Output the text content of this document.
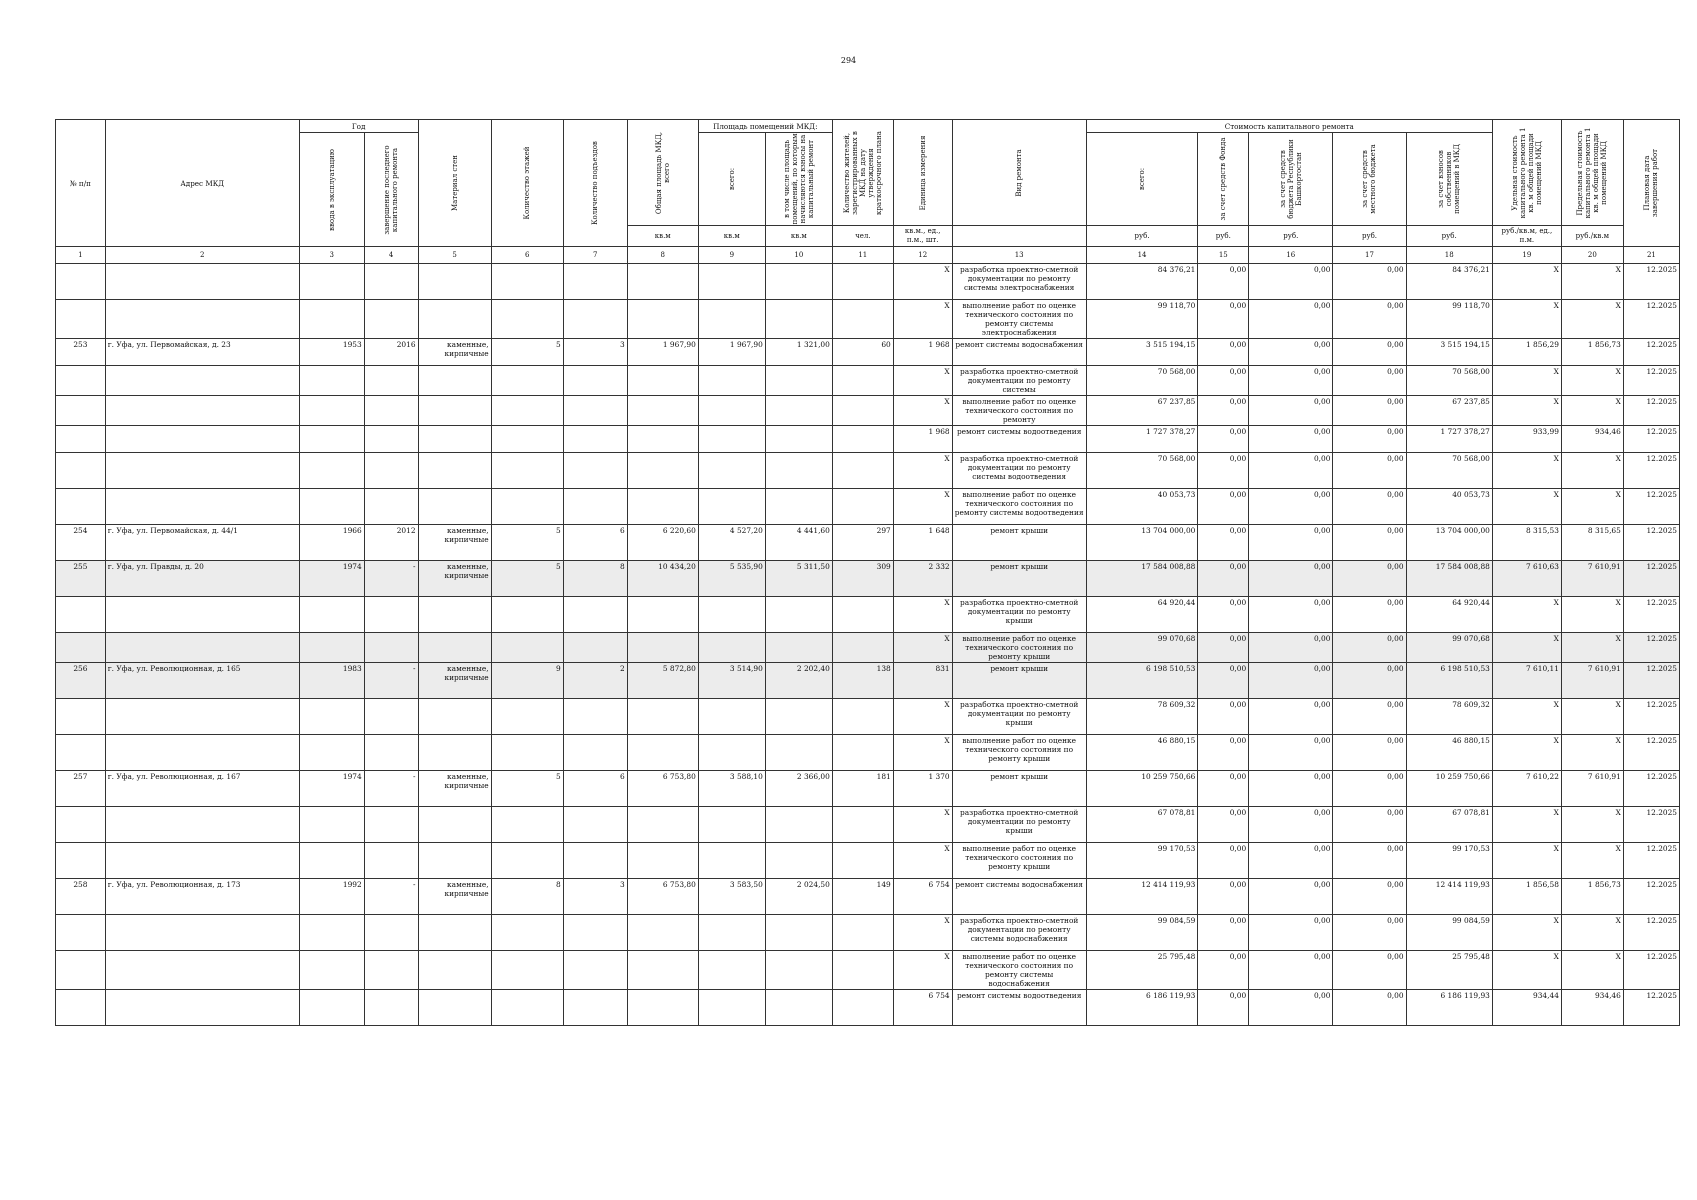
294
№ п/п	Адрес МКД	Год		Материал стен	Количество этажей	Количество подъездов	Общая площадь МКД, всего	Площадь помещений МКД:		Количество жителей, зарегистрированных в МКД на дату утверждения краткосрочного плана	Единица измерения	Вид ремонта	Стоимость капитального ремонта					Удельная стоимость капитального ремонта 1 кв. м общей площади помещений МКД	Предельная стоимость капитального ремонта 1 кв. м общей площади помещений МКД	Плановая дата завершения работ

		ввода в эксплуатацию	завершение последнего капитального ремонта					всего:	в том числе площадь помещений, по которым начисляются взносы на капитальный ремонт				всего:	за счет средств Фонда	за счет средств бюджета Республики Башкортостан	за счет средств местного бюджета	за счет взносов собственников помещений в МКД			

							кв.м	кв.м	кв.м	чел.	кв.м., ед., п.м., шт.		руб.	руб.	руб.	руб.	руб.	руб./кв.м, ед., п.м.	руб./кв.м	
1	2	3	4	5	6	7	8	9	10	11	12	13	14	15	16	17	18	19	20	21
											X	разработка проектно-сметной документации по ремонту системы электроснабжения	84 376,21	0,00	0,00	0,00	84 376,21	X	X	12.2025
											X	выполнение работ по оценке технического состояния по ремонту системы электроснабжения	99 118,70	0,00	0,00	0,00	99 118,70	X	X	12.2025
253	г. Уфа, ул. Первомайская, д. 23	1953	2016	каменные, кирпичные	5	3	1 967,90	1 967,90	1 321,00	60	1 968	ремонт системы водоснабжения	3 515 194,15	0,00	0,00	0,00	3 515 194,15	1 856,29	1 856,73	12.2025
											X	разработка проектно-сметной документации по ремонту системы	70 568,00	0,00	0,00	0,00	70 568,00	X	X	12.2025
											X	выполнение работ по оценке технического состояния по ремонту	67 237,85	0,00	0,00	0,00	67 237,85	X	X	12.2025
											1 968	ремонт системы водоотведения	1 727 378,27	0,00	0,00	0,00	1 727 378,27	933,99	934,46	12.2025
											X	разработка проектно-сметной документации по ремонту системы водоотведения	70 568,00	0,00	0,00	0,00	70 568,00	X	X	12.2025
											X	выполнение работ по оценке технического состояния по ремонту системы водоотведения	40 053,73	0,00	0,00	0,00	40 053,73	X	X	12.2025
254	г. Уфа, ул. Первомайская, д. 44/1	1966	2012	каменные, кирпичные	5	6	6 220,60	4 527,20	4 441,60	297	1 648	ремонт крыши	13 704 000,00	0,00	0,00	0,00	13 704 000,00	8 315,53	8 315,65	12.2025
255	г. Уфа, ул. Правды, д. 20	1974	-	каменные, кирпичные	5	8	10 434,20	5 535,90	5 311,50	309	2 332	ремонт крыши	17 584 008,88	0,00	0,00	0,00	17 584 008,88	7 610,63	7 610,91	12.2025
											X	разработка проектно-сметной документации по ремонту крыши	64 920,44	0,00	0,00	0,00	64 920,44	X	X	12.2025
											X	выполнение работ по оценке технического состояния по ремонту крыши	99 070,68	0,00	0,00	0,00	99 070,68	X	X	12.2025
256	г. Уфа, ул. Революционная, д. 165	1983	-	каменные, кирпичные	9	2	5 872,80	3 514,90	2 202,40	138	831	ремонт крыши	6 198 510,53	0,00	0,00	0,00	6 198 510,53	7 610,11	7 610,91	12.2025
											X	разработка проектно-сметной документации по ремонту крыши	78 609,32	0,00	0,00	0,00	78 609,32	X	X	12.2025
											X	выполнение работ по оценке технического состояния по ремонту крыши	46 880,15	0,00	0,00	0,00	46 880,15	X	X	12.2025
257	г. Уфа, ул. Революционная, д. 167	1974	-	каменные, кирпичные	5	6	6 753,80	3 588,10	2 366,00	181	1 370	ремонт крыши	10 259 750,66	0,00	0,00	0,00	10 259 750,66	7 610,22	7 610,91	12.2025
											X	разработка проектно-сметной документации по ремонту крыши	67 078,81	0,00	0,00	0,00	67 078,81	X	X	12.2025
											X	выполнение работ по оценке технического состояния по ремонту крыши	99 170,53	0,00	0,00	0,00	99 170,53	X	X	12.2025
258	г. Уфа, ул. Революционная, д. 173	1992	-	каменные, кирпичные	8	3	6 753,80	3 583,50	2 024,50	149	6 754	ремонт системы водоснабжения	12 414 119,93	0,00	0,00	0,00	12 414 119,93	1 856,58	1 856,73	12.2025
											X	разработка проектно-сметной документации по ремонту системы водоснабжения	99 084,59	0,00	0,00	0,00	99 084,59	X	X	12.2025
											X	выполнение работ по оценке технического состояния по ремонту системы водоснабжения	25 795,48	0,00	0,00	0,00	25 795,48	X	X	12.2025
											6 754	ремонт системы водоотведения	6 186 119,93	0,00	0,00	0,00	6 186 119,93	934,44	934,46	12.2025
